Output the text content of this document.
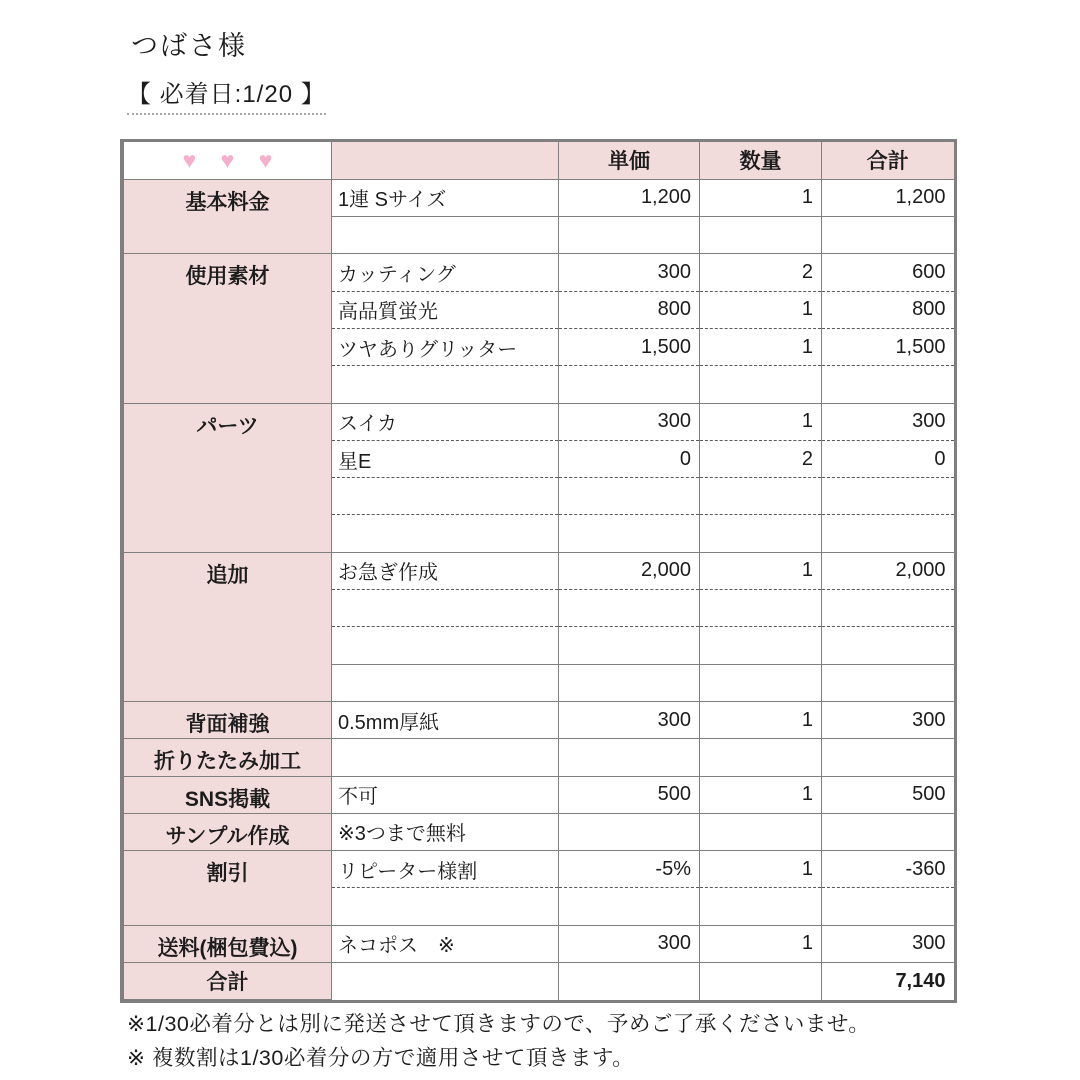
つばさ様
【 必着日:1/20 】
♥ ♥ ♥		単価	数量	合計
基本料金	1連 Sサイズ	1,200	1	1,200

使用素材	カッティング	300	2	600
	高品質蛍光	800	1	800
	ツヤありグリッター	1,500	1	1,500

パーツ	スイカ	300	1	300
	星E	0	2	0

追加	お急ぎ作成	2,000	1	2,000

背面補強	0.5mm厚紙	300	1	300
折りたたみ加工				
SNS掲載	不可	500	1	500
サンプル作成	※3つまで無料			
割引	リピーター様割	-5%	1	-360

送料(梱包費込)	ネコポス　※	300	1	300
合計				7,140
※1/30必着分とは別に発送させて頂きますので、予めご了承くださいませ。
※ 複数割は1/30必着分の方で適用させて頂きます。
